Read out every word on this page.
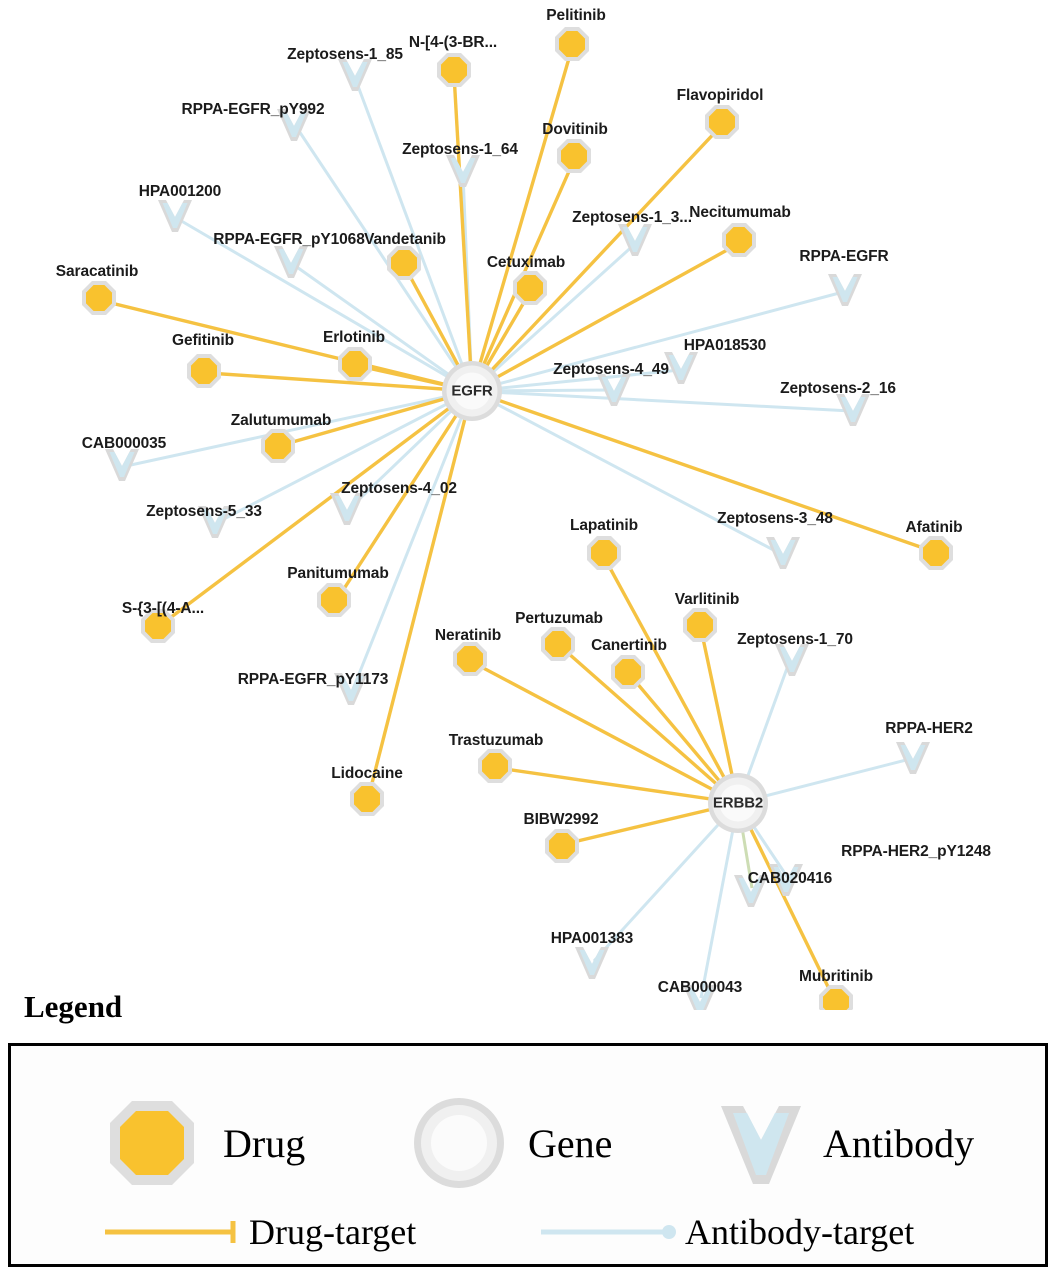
EGFR
ERBB2
Pelitinib
N-[4-(3-BR...
Flavopiridol
Dovitinib
Necitumumab
Vandetanib
Cetuximab
Saracatinib
Erlotinib
Gefitinib
Zalutumumab
Afatinib
Lapatinib
Varlitinib
Panitumumab
S-{3-[(4-A...
Pertuzumab
Neratinib
Canertinib
Trastuzumab
Lidocaine
BIBW2992
Mubritinib
Zeptosens-1_85
RPPA-EGFR_pY992
Zeptosens-1_64
HPA001200
Zeptosens-1_3...
RPPA-EGFR_pY1068
RPPA-EGFR
HPA018530
Zeptosens-4_49
Zeptosens-2_16
CAB000035
Zeptosens-4_02
Zeptosens-5_33	Zeptosens-3_48
Zeptosens-1_70
RPPA-EGFR_pY1173
RPPA-HER2
RPPA-HER2_pY1248
CAB020416
HPA001383
CAB000043
Legend
Drug	Gene	Antibody
Drug-target	Antibody-target
